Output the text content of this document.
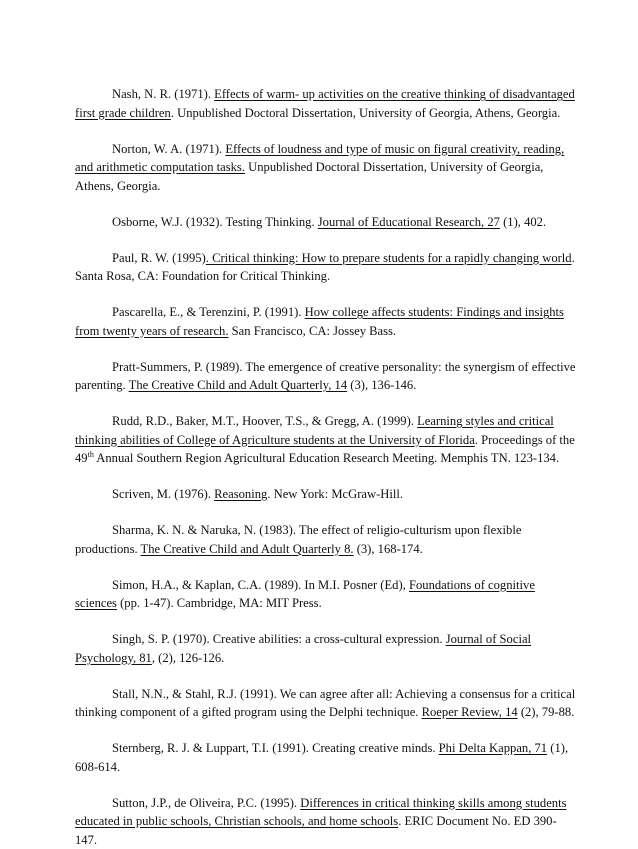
Nash, N. R. (1971). Effects of warm- up activities on the creative thinking of disadvantaged first grade children. Unpublished Doctoral Dissertation, University of Georgia, Athens, Georgia.

Norton, W. A. (1971). Effects of loudness and type of music on figural creativity, reading, and arithmetic computation tasks. Unpublished Doctoral Dissertation, University of Georgia, Athens, Georgia.

Osborne, W.J. (1932). Testing Thinking. Journal of Educational Research, 27 (1), 402.

Paul, R. W. (1995). Critical thinking: How to prepare students for a rapidly changing world. Santa Rosa, CA: Foundation for Critical Thinking.

Pascarella, E., & Terenzini, P. (1991). How college affects students: Findings and insights from twenty years of research. San Francisco, CA: Jossey Bass.

Pratt-Summers, P. (1989). The emergence of creative personality: the synergism of effective parenting. The Creative Child and Adult Quarterly, 14 (3), 136-146.

Rudd, R.D., Baker, M.T., Hoover, T.S., & Gregg, A. (1999). Learning styles and critical thinking abilities of College of Agriculture students at the University of Florida. Proceedings of the 49th Annual Southern Region Agricultural Education Research Meeting. Memphis TN. 123-134.

Scriven, M. (1976). Reasoning. New York: McGraw-Hill.

Sharma, K. N. & Naruka, N. (1983). The effect of religio-culturism upon flexible productions. The Creative Child and Adult Quarterly 8. (3), 168-174.

Simon, H.A., & Kaplan, C.A. (1989). In M.I. Posner (Ed), Foundations of cognitive sciences (pp. 1-47). Cambridge, MA: MIT Press.

Singh, S. P. (1970). Creative abilities: a cross-cultural expression. Journal of Social Psychology, 81, (2), 126-126.

Stall, N.N., & Stahl, R.J. (1991). We can agree after all: Achieving a consensus for a critical thinking component of a gifted program using the Delphi technique. Roeper Review, 14 (2), 79-88.

Sternberg, R. J. & Luppart, T.I. (1991). Creating creative minds. Phi Delta Kappan, 71 (1), 608-614.

Sutton, J.P., de Oliveira, P.C. (1995). Differences in critical thinking skills among students educated in public schools, Christian schools, and home schools. ERIC Document No. ED 390-147.
